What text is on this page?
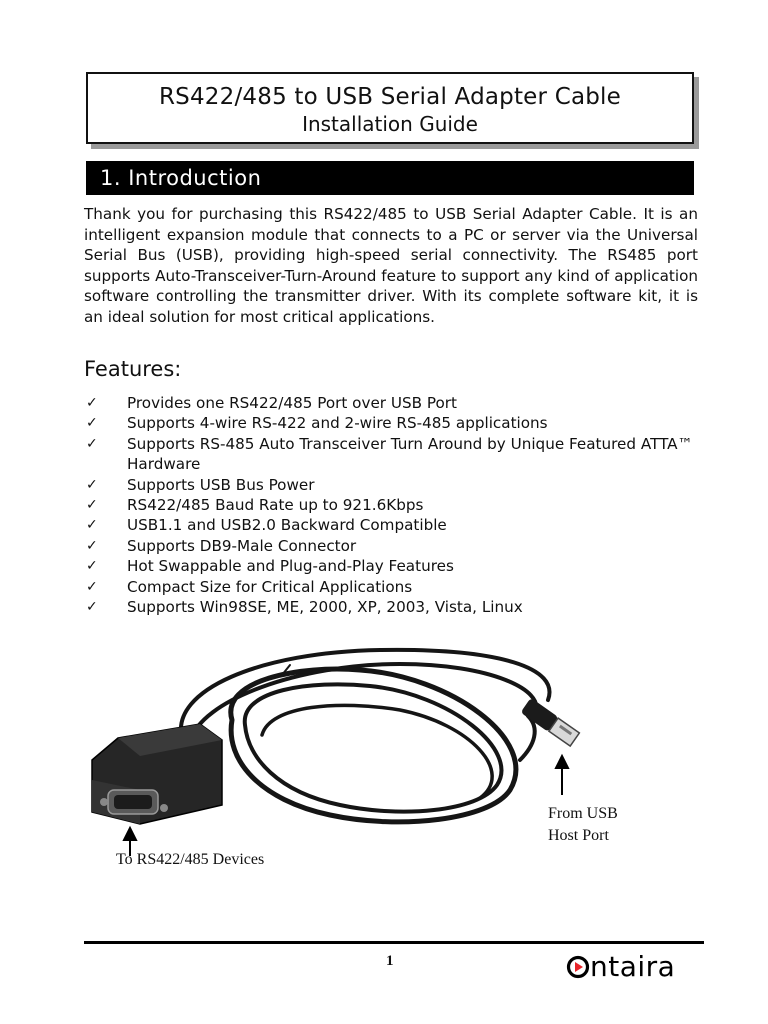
RS422/485 to USB Serial Adapter Cable
Installation Guide
1. Introduction

Thank you for purchasing this RS422/485 to USB Serial Adapter Cable. It is an intelligent expansion module that connects to a PC or server via the Universal Serial Bus (USB), providing high-speed serial connectivity. The RS485 port supports Auto-Transceiver-Turn-Around feature to support any kind of application software controlling the transmitter driver. With its complete software kit, it is an ideal solution for most critical applications.

Features:
✓ Provides one RS422/485 Port over USB Port
✓ Supports 4-wire RS-422 and 2-wire RS-485 applications
✓ Supports RS-485 Auto Transceiver Turn Around by Unique Featured ATTA™ Hardware
✓ Supports USB Bus Power
✓ RS422/485 Baud Rate up to 921.6Kbps
✓ USB1.1 and USB2.0 Backward Compatible
✓ Supports DB9-Male Connector
✓ Hot Swappable and Plug-and-Play Features
✓ Compact Size for Critical Applications
✓ Supports Win98SE, ME, 2000, XP, 2003, Vista, Linux
From USB
Host Port
To RS422/485 Devices
1	ntaira
